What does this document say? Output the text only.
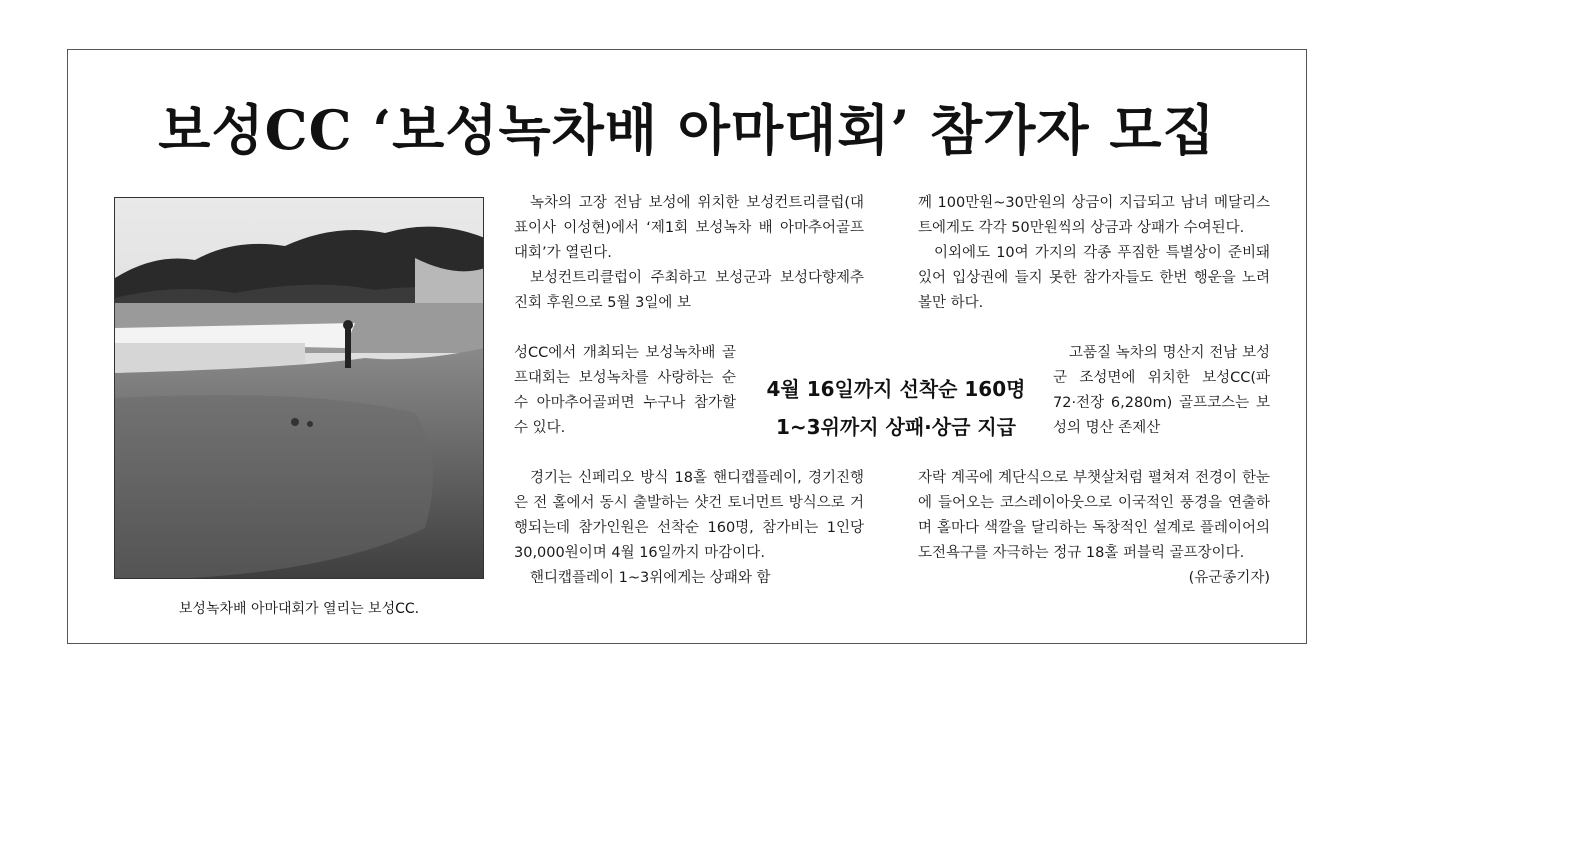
보성CC ‘보성녹차배 아마대회’ 참가자 모집
보성녹차배 아마대회가 열리는 보성CC.

녹차의 고장 전남 보성에 위치한 보성컨트리클럽(대표이사 이성현)에서 ‘제1회 보성녹차 배 아마추어골프대회’가 열린다.

보성컨트리클럽이 주최하고 보성군과 보성다향제추진회 후원으로 5월 3일에 보

성CC에서 개최되는 보성녹차배 골프대회는 보성녹차를 사랑하는 순수 아마추어골퍼면 누구나 참가할 수 있다.

경기는 신페리오 방식 18홀 핸디캡플레이, 경기진행은 전 홀에서 동시 출발하는 샷건 토너먼트 방식으로 거행되는데 참가인원은 선착순 160명, 참가비는 1인당 30,000원이며 4월 16일까지 마감이다.

핸디캡플레이 1~3위에게는 상패와 함

4월 16일까지 선착순 160명
1~3위까지 상패·상금 지급

께 100만원~30만원의 상금이 지급되고 남녀 메달리스트에게도 각각 50만원씩의 상금과 상패가 수여된다.

이외에도 10여 가지의 각종 푸짐한 특별상이 준비돼 있어 입상권에 들지 못한 참가자들도 한번 행운을 노려볼만 하다.

고품질 녹차의 명산지 전남 보성군 조성면에 위치한 보성CC(파 72·전장 6,280m) 골프코스는 보성의 명산 존제산

자락 계곡에 계단식으로 부챗살처럼 펼쳐져 전경이 한눈에 들어오는 코스레이아웃으로 이국적인 풍경을 연출하며 홀마다 색깔을 달리하는 독창적인 설계로 플레이어의 도전욕구를 자극하는 정규 18홀 퍼블릭 골프장이다.
(유군종기자)
